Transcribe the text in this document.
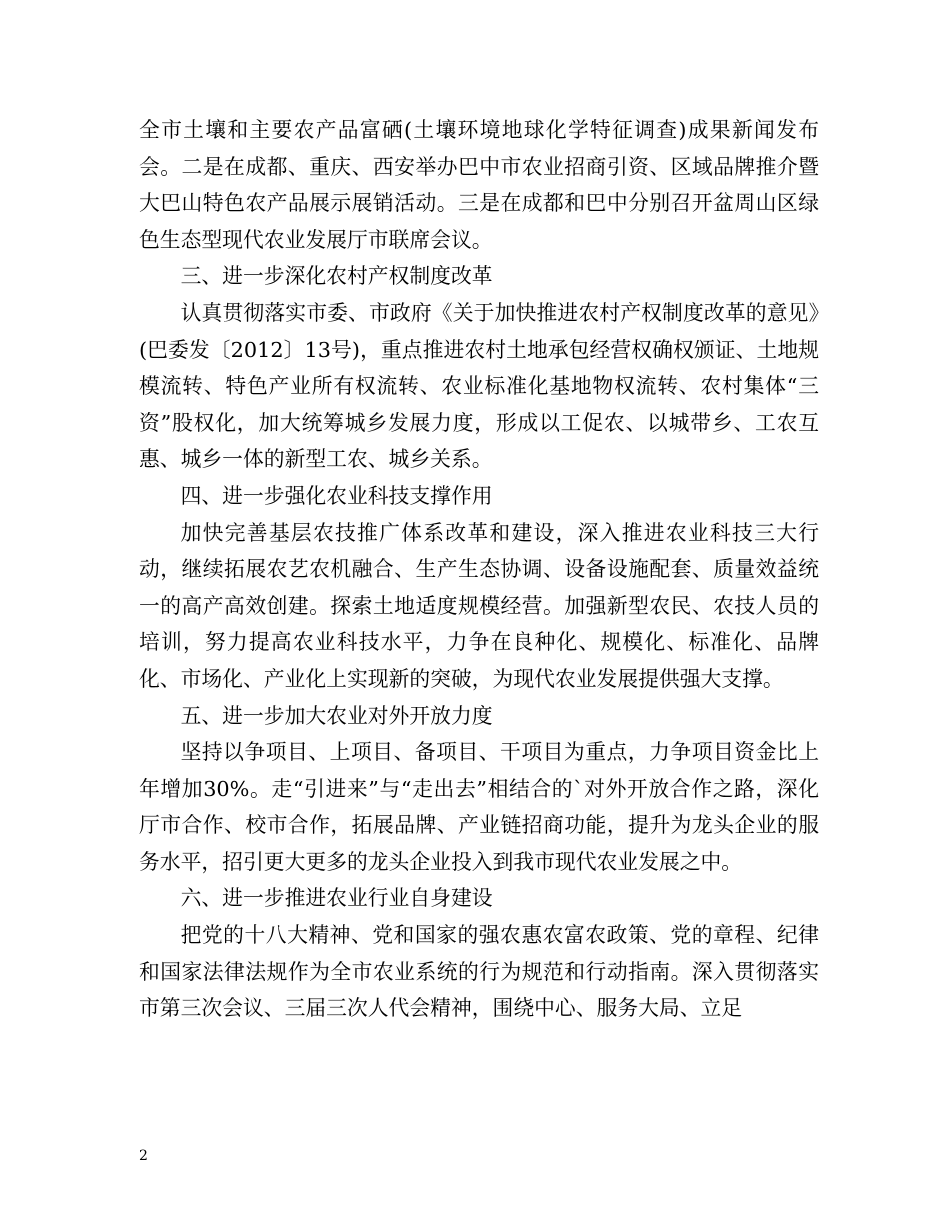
全市土壤和主要农产品富硒(土壤环境地球化学特征调查)成果新闻发布会。二是在成都、重庆、西安举办巴中市农业招商引资、区域品牌推介暨大巴山特色农产品展示展销活动。三是在成都和巴中分别召开盆周山区绿色生态型现代农业发展厅市联席会议。

三、进一步深化农村产权制度改革

认真贯彻落实市委、市政府《关于加快推进农村产权制度改革的意见》(巴委发〔2012〕13号)，重点推进农村土地承包经营权确权颁证、土地规模流转、特色产业所有权流转、农业标准化基地物权流转、农村集体“三资”股权化，加大统筹城乡发展力度，形成以工促农、以城带乡、工农互惠、城乡一体的新型工农、城乡关系。

四、进一步强化农业科技支撑作用

加快完善基层农技推广体系改革和建设，深入推进农业科技三大行动，继续拓展农艺农机融合、生产生态协调、设备设施配套、质量效益统一的高产高效创建。探索土地适度规模经营。加强新型农民、农技人员的培训，努力提高农业科技水平，力争在良种化、规模化、标准化、品牌化、市场化、产业化上实现新的突破，为现代农业发展提供强大支撑。

五、进一步加大农业对外开放力度

坚持以争项目、上项目、备项目、干项目为重点，力争项目资金比上年增加30%。走“引进来”与“走出去”相结合的`对外开放合作之路，深化厅市合作、校市合作，拓展品牌、产业链招商功能，提升为龙头企业的服务水平，招引更大更多的龙头企业投入到我市现代农业发展之中。

六、进一步推进农业行业自身建设

把党的十八大精神、党和国家的强农惠农富农政策、党的章程、纪律和国家法律法规作为全市农业系统的行为规范和行动指南。深入贯彻落实市第三次会议、三届三次人代会精神，围绕中心、服务大局、立足

2
